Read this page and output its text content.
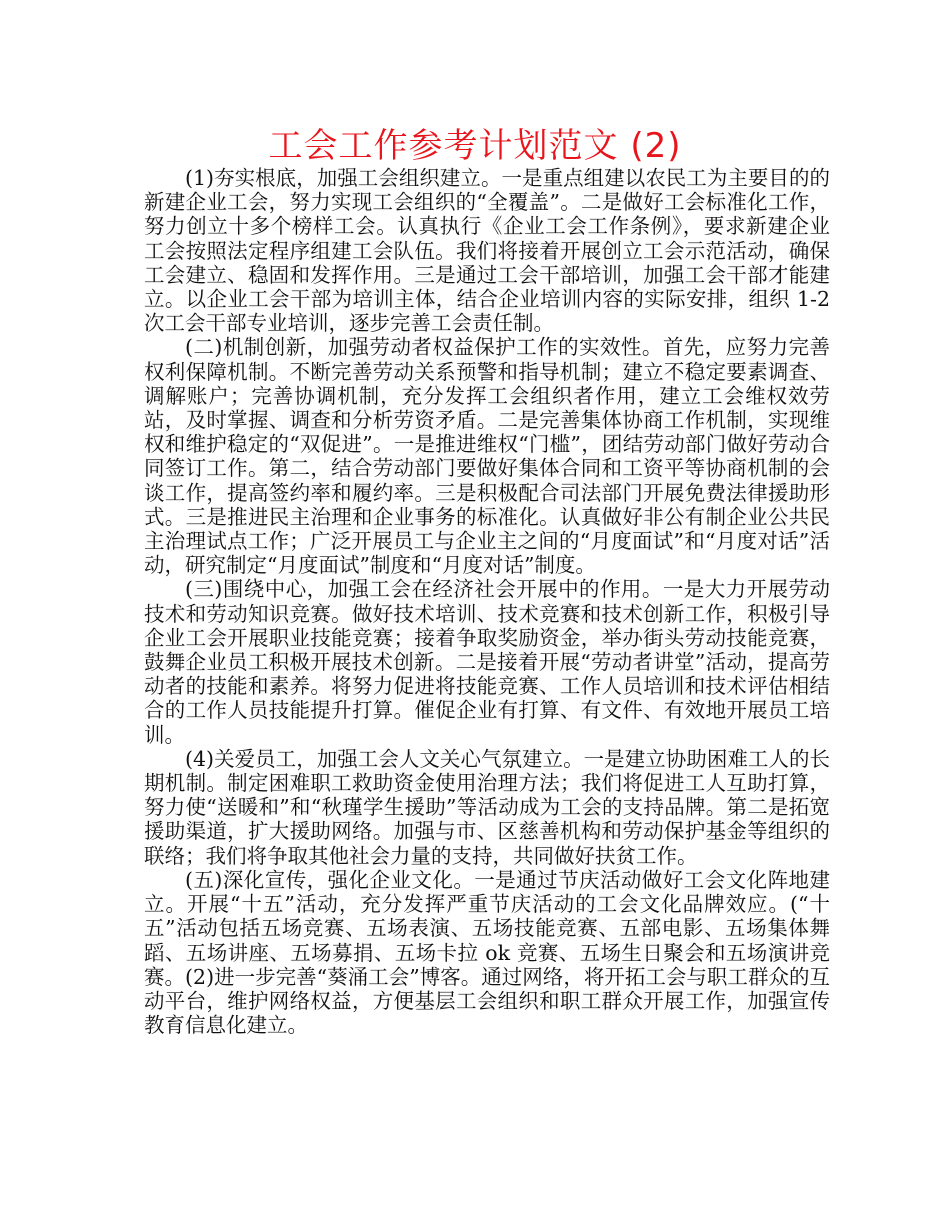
工会工作参考计划范文 (2)

(1)夯实根底，加强工会组织建立。一是重点组建以农民工为主要目的的新建企业工会，努力实现工会组织的“全覆盖”。二是做好工会标准化工作，努力创立十多个榜样工会。认真执行《企业工会工作条例》，要求新建企业工会按照法定程序组建工会队伍。我们将接着开展创立工会示范活动，确保工会建立、稳固和发挥作用。三是通过工会干部培训，加强工会干部才能建立。以企业工会干部为培训主体，结合企业培训内容的实际安排，组织 1-2 次工会干部专业培训，逐步完善工会责任制。

(二)机制创新，加强劳动者权益保护工作的实效性。首先，应努力完善权利保障机制。不断完善劳动关系预警和指导机制；建立不稳定要素调查、调解账户；完善协调机制，充分发挥工会组织者作用，建立工会维权效劳站，及时掌握、调查和分析劳资矛盾。二是完善集体协商工作机制，实现维权和维护稳定的“双促进”。一是推进维权“门槛”，团结劳动部门做好劳动合同签订工作。第二，结合劳动部门要做好集体合同和工资平等协商机制的会谈工作，提高签约率和履约率。三是积极配合司法部门开展免费法律援助形式。三是推进民主治理和企业事务的标准化。认真做好非公有制企业公共民主治理试点工作；广泛开展员工与企业主之间的“月度面试”和“月度对话”活动，研究制定“月度面试”制度和“月度对话”制度。

(三)围绕中心，加强工会在经济社会开展中的作用。一是大力开展劳动技术和劳动知识竞赛。做好技术培训、技术竞赛和技术创新工作，积极引导企业工会开展职业技能竞赛；接着争取奖励资金，举办街头劳动技能竞赛，鼓舞企业员工积极开展技术创新。二是接着开展“劳动者讲堂”活动，提高劳动者的技能和素养。将努力促进将技能竞赛、工作人员培训和技术评估相结合的工作人员技能提升打算。催促企业有打算、有文件、有效地开展员工培训。

(4)关爱员工，加强工会人文关心气氛建立。一是建立协助困难工人的长期机制。制定困难职工救助资金使用治理方法；我们将促进工人互助打算，努力使“送暖和”和“秋瑾学生援助”等活动成为工会的支持品牌。第二是拓宽援助渠道，扩大援助网络。加强与市、区慈善机构和劳动保护基金等组织的联络；我们将争取其他社会力量的支持，共同做好扶贫工作。

(五)深化宣传，强化企业文化。一是通过节庆活动做好工会文化阵地建立。开展“十五”活动，充分发挥严重节庆活动的工会文化品牌效应。(“十五”活动包括五场竞赛、五场表演、五场技能竞赛、五部电影、五场集体舞蹈、五场讲座、五场募捐、五场卡拉 ok 竞赛、五场生日聚会和五场演讲竞赛。(2)进一步完善“葵涌工会”博客。通过网络，将开拓工会与职工群众的互动平台，维护网络权益，方便基层工会组织和职工群众开展工作，加强宣传教育信息化建立。
